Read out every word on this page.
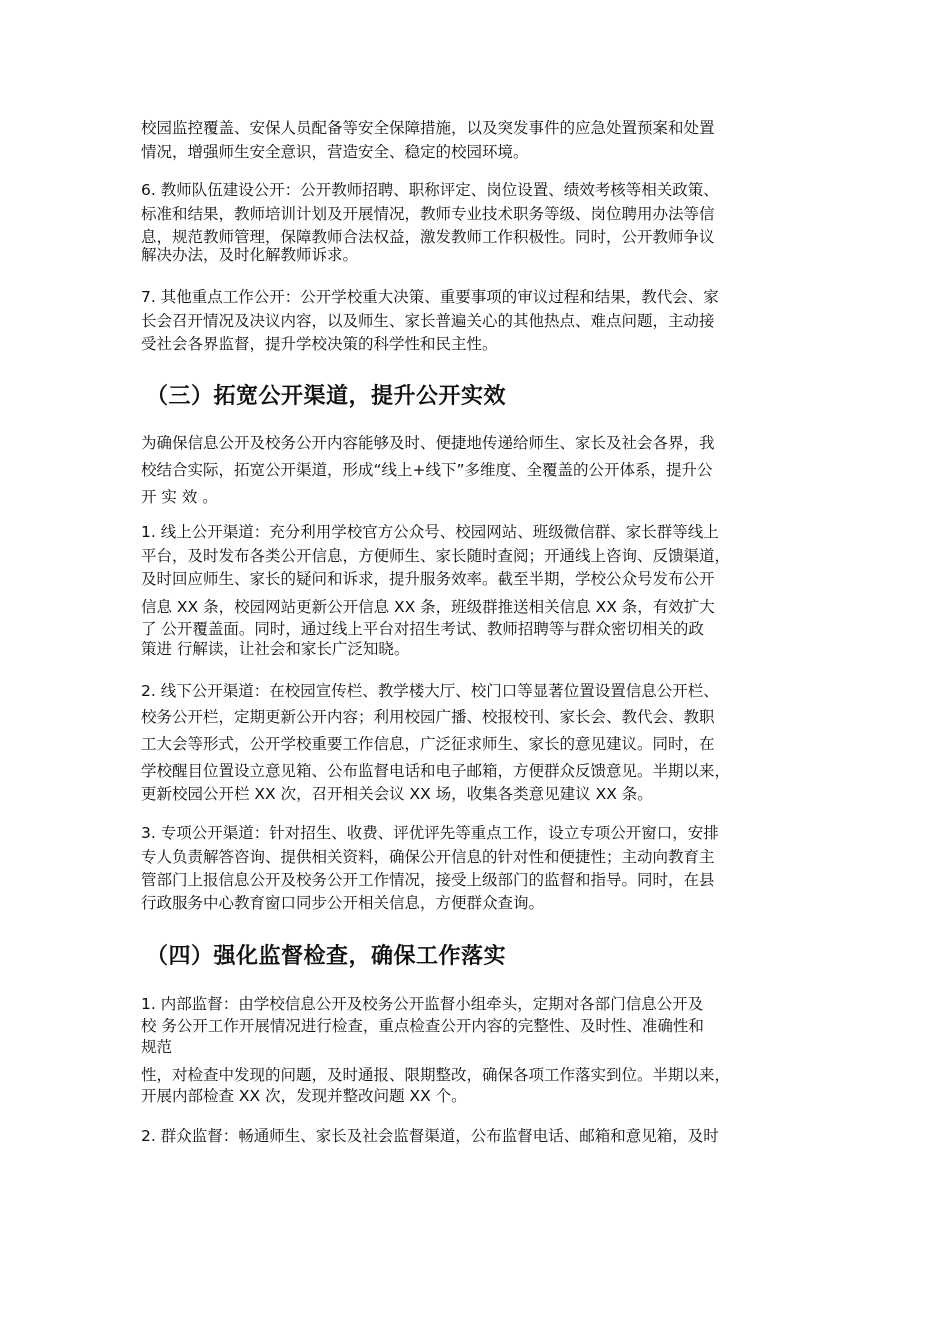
校园监控覆盖、安保人员配备等安全保障措施，以及突发事件的应急处置预案和处置
情况，增强师生安全意识，营造安全、稳定的校园环境。
6. 教师队伍建设公开：公开教师招聘、职称评定、岗位设置、绩效考核等相关政策、
标准和结果，教师培训计划及开展情况，教师专业技术职务等级、岗位聘用办法等信
息，规范教师管理，保障教师合法权益，激发教师工作积极性。同时，公开教师争议
解决办法，及时化解教师诉求。
7. 其他重点工作公开：公开学校重大决策、重要事项的审议过程和结果，教代会、家
长会召开情况及决议内容，以及师生、家长普遍关心的其他热点、难点问题，主动接
受社会各界监督，提升学校决策的科学性和民主性。
（三）拓宽公开渠道，提升公开实效
为确保信息公开及校务公开内容能够及时、便捷地传递给师生、家长及社会各界，我
校结合实际，拓宽公开渠道，形成“线上+线下”多维度、全覆盖的公开体系，提升公
开 实 效 。
1. 线上公开渠道：充分利用学校官方公众号、校园网站、班级微信群、家长群等线上
平台，及时发布各类公开信息，方便师生、家长随时查阅；开通线上咨询、反馈渠道，
及时回应师生、家长的疑问和诉求，提升服务效率。截至半期，学校公众号发布公开
信息 XX 条，校园网站更新公开信息 XX 条，班级群推送相关信息 XX 条，有效扩大
了 公开覆盖面。同时，通过线上平台对招生考试、教师招聘等与群众密切相关的政
策进 行解读，让社会和家长广泛知晓。
2. 线下公开渠道：在校园宣传栏、教学楼大厅、校门口等显著位置设置信息公开栏、
校务公开栏，定期更新公开内容；利用校园广播、校报校刊、家长会、教代会、教职
工大会等形式，公开学校重要工作信息，广泛征求师生、家长的意见建议。同时，在
学校醒目位置设立意见箱、公布监督电话和电子邮箱，方便群众反馈意见。半期以来，
更新校园公开栏 XX 次，召开相关会议 XX 场，收集各类意见建议 XX 条。
3. 专项公开渠道：针对招生、收费、评优评先等重点工作，设立专项公开窗口，安排
专人负责解答咨询、提供相关资料，确保公开信息的针对性和便捷性；主动向教育主
管部门上报信息公开及校务公开工作情况，接受上级部门的监督和指导。同时，在县
行政服务中心教育窗口同步公开相关信息，方便群众查询。
（四）强化监督检查，确保工作落实
1. 内部监督：由学校信息公开及校务公开监督小组牵头，定期对各部门信息公开及
校 务公开工作开展情况进行检查，重点检查公开内容的完整性、及时性、准确性和
规范
性，对检查中发现的问题，及时通报、限期整改，确保各项工作落实到位。半期以来，
开展内部检查 XX 次，发现并整改问题 XX 个。
2. 群众监督：畅通师生、家长及社会监督渠道，公布监督电话、邮箱和意见箱，及时
